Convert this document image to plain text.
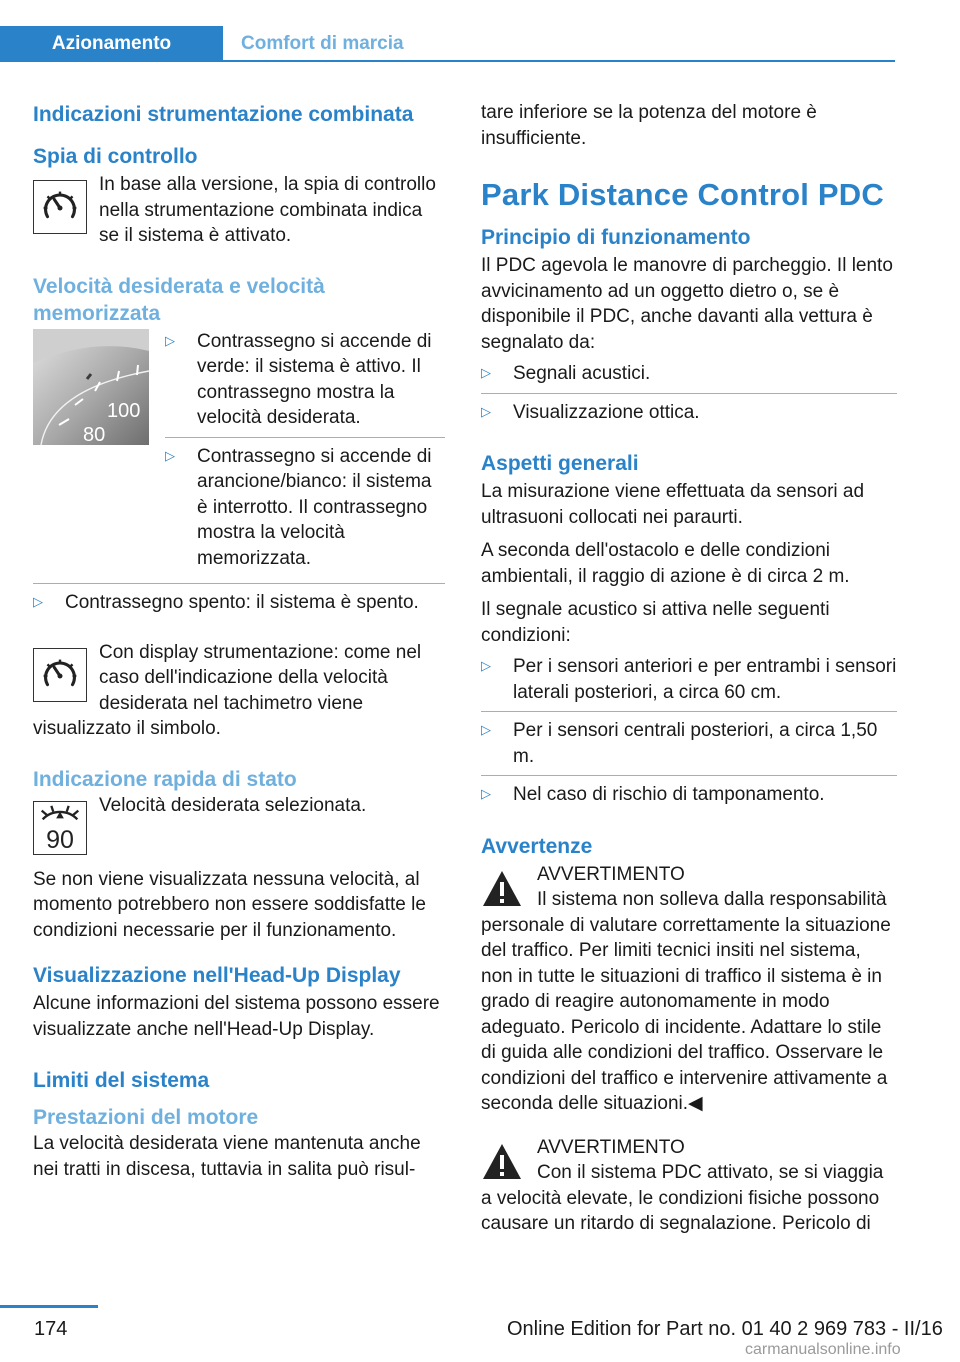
Azionamento	Comfort di marcia
Indicazioni strumentazione combinata
Spia di controllo

In base alla versione, la spia di controllo nella strumentazione combinata indica se il sistema è attivato.

Velocità desiderata e velocità memorizzata
100
80
▷	Contrassegno si accende di verde: il sistema è attivo. Il contrassegno mostra la velocità desiderata.
▷	Contrassegno si accende di arancione/bianco: il sistema è interrotto. Il contrassegno mostra la velocità memorizzata.
▷	Contrassegno spento: il sistema è spento.

Con display strumentazione: come nel caso dell'indicazione della velocità desiderata nel tachimetro viene visualizzato il simbolo.

Indicazione rapida di stato
90

Velocità desiderata selezionata.

Se non viene visualizzata nessuna velocità, al momento potrebbero non essere soddisfatte le condizioni necessarie per il funzionamento.

Visualizzazione nell'Head-Up Display

Alcune informazioni del sistema possono essere visualizzate anche nell'Head-Up Display.

Limiti del sistema
Prestazioni del motore

La velocità desiderata viene mantenuta anche nei tratti in discesa, tuttavia in salita può risul-

tare inferiore se la potenza del motore è insufficiente.

Park Distance Control PDC
Principio di funzionamento

Il PDC agevola le manovre di parcheggio. Il lento avvicinamento ad un oggetto dietro o, se è disponibile il PDC, anche davanti alla vettura è segnalato da:

▷	Segnali acustici.
▷	Visualizzazione ottica.
Aspetti generali

La misurazione viene effettuata da sensori ad ultrasuoni collocati nei paraurti.

A seconda dell'ostacolo e delle condizioni ambientali, il raggio di azione è di circa 2 m.

Il segnale acustico si attiva nelle seguenti condizioni:

▷	Per i sensori anteriori e per entrambi i sensori laterali posteriori, a circa 60 cm.
▷	Per i sensori centrali posteriori, a circa 1,50 m.
▷	Nel caso di rischio di tamponamento.
Avvertenze

AVVERTIMENTO

Il sistema non solleva dalla responsabilità personale di valutare correttamente la situazione del traffico. Per limiti tecnici insiti nel sistema, non in tutte le situazioni di traffico il sistema è in grado di reagire autonomamente in modo adeguato. Pericolo di incidente. Adattare lo stile di guida alle condizioni del traffico. Osservare le condizioni del traffico e intervenire attivamente a seconda delle situazioni.◀

AVVERTIMENTO

Con il sistema PDC attivato, se si viaggia a velocità elevate, le condizioni fisiche possono causare un ritardo di segnalazione. Pericolo di

174	Online Edition for Part no. 01 40 2 969 783 - II/16
carmanualsonline.info
